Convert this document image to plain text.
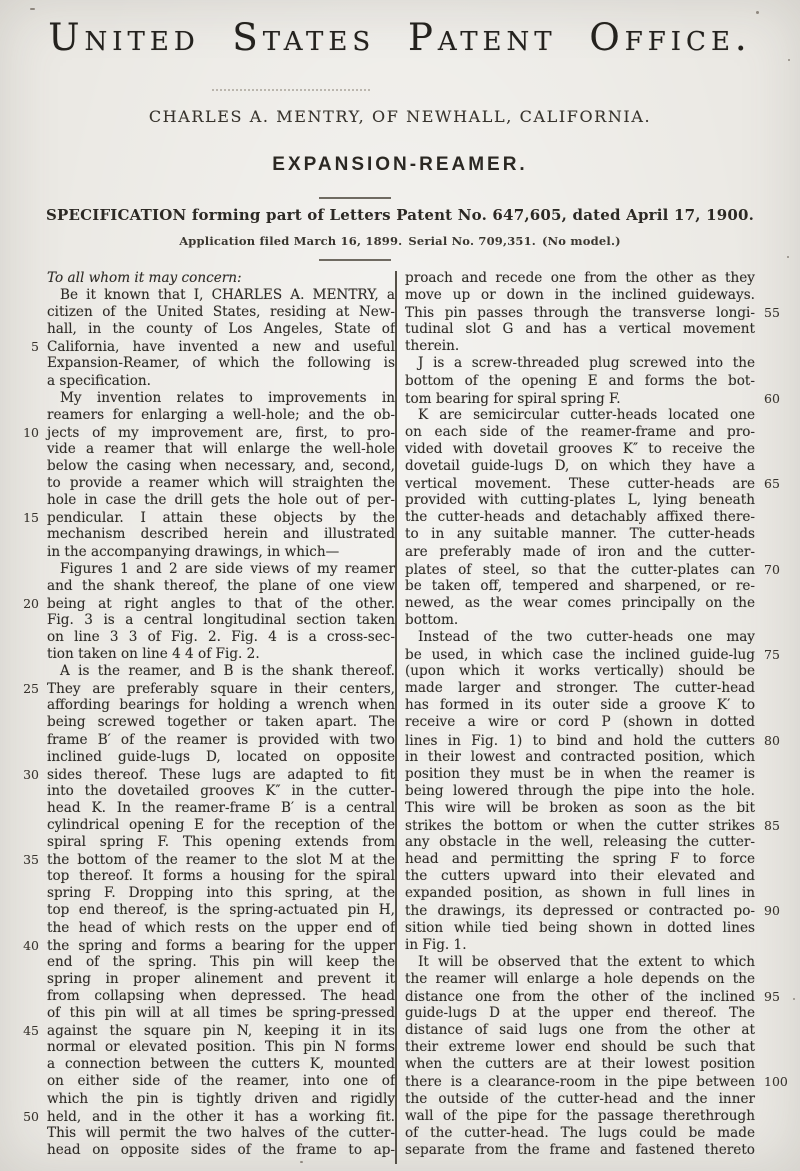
United States Patent Office.
CHARLES A. MENTRY, OF NEWHALL, CALIFORNIA.
EXPANSION-REAMER.
SPECIFICATION forming part of Letters Patent No. 647,605, dated April 17, 1900.
Application filed March 16, 1899. Serial No. 709,351. (No model.)
To all whom it may concern:
Be it known that I, CHARLES A. MENTRY, a
citizen of the United States, residing at New-
hall, in the county of Los Angeles, State of
5 California, have invented a new and useful
Expansion-Reamer, of which the following is
a specification.
My invention relates to improvements in
reamers for enlarging a well-hole; and the ob-
10 jects of my improvement are, first, to pro-
vide a reamer that will enlarge the well-hole
below the casing when necessary, and, second,
to provide a reamer which will straighten the
hole in case the drill gets the hole out of per-
15 pendicular. I attain these objects by the
mechanism described herein and illustrated
in the accompanying drawings, in which—
Figures 1 and 2 are side views of my reamer
and the shank thereof, the plane of one view
20 being at right angles to that of the other.
Fig. 3 is a central longitudinal section taken
on line 3 3 of Fig. 2. Fig. 4 is a cross-sec-
tion taken on line 4 4 of Fig. 2.
A is the reamer, and B is the shank thereof.
25 They are preferably square in their centers,
affording bearings for holding a wrench when
being screwed together or taken apart. The
frame B′ of the reamer is provided with two
inclined guide-lugs D, located on opposite
30 sides thereof. These lugs are adapted to fit
into the dovetailed grooves K″ in the cutter-
head K. In the reamer-frame B′ is a central
cylindrical opening E for the reception of the
spiral spring F. This opening extends from
35 the bottom of the reamer to the slot M at the
top thereof. It forms a housing for the spiral
spring F. Dropping into this spring, at the
top end thereof, is the spring-actuated pin H,
the head of which rests on the upper end of
40 the spring and forms a bearing for the upper
end of the spring. This pin will keep the
spring in proper alinement and prevent it
from collapsing when depressed. The head
of this pin will at all times be spring-pressed
45 against the square pin N, keeping it in its
normal or elevated position. This pin N forms
a connection between the cutters K, mounted
on either side of the reamer, into one of
which the pin is tightly driven and rigidly
50 held, and in the other it has a working fit.
This will permit the two halves of the cutter-
head on opposite sides of the frame to ap-
proach and recede one from the other as they
move up or down in the inclined guideways.
This pin passes through the transverse longi- 55
tudinal slot G and has a vertical movement
therein.
J is a screw-threaded plug screwed into the
bottom of the opening E and forms the bot-
tom bearing for spiral spring F.	60
K are semicircular cutter-heads located one
on each side of the reamer-frame and pro-
vided with dovetail grooves K″ to receive the
dovetail guide-lugs D, on which they have a
vertical movement. These cutter-heads are 65
provided with cutting-plates L, lying beneath
the cutter-heads and detachably affixed there-
to in any suitable manner. The cutter-heads
are preferably made of iron and the cutter-
plates of steel, so that the cutter-plates can 70
be taken off, tempered and sharpened, or re-
newed, as the wear comes principally on the
bottom.
Instead of the two cutter-heads one may
be used, in which case the inclined guide-lug 75
(upon which it works vertically) should be
made larger and stronger. The cutter-head
has formed in its outer side a groove K′ to
receive a wire or cord P (shown in dotted
lines in Fig. 1) to bind and hold the cutters 80
in their lowest and contracted position, which
position they must be in when the reamer is
being lowered through the pipe into the hole.
This wire will be broken as soon as the bit
strikes the bottom or when the cutter strikes 85
any obstacle in the well, releasing the cutter-
head and permitting the spring F to force
the cutters upward into their elevated and
expanded position, as shown in full lines in
the drawings, its depressed or contracted po- 90
sition while tied being shown in dotted lines
in Fig. 1.
It will be observed that the extent to which
the reamer will enlarge a hole depends on the
distance one from the other of the inclined 95
guide-lugs D at the upper end thereof. The
distance of said lugs one from the other at
their extreme lower end should be such that
when the cutters are at their lowest position
there is a clearance-room in the pipe between 100
the outside of the cutter-head and the inner
wall of the pipe for the passage therethrough
of the cutter-head. The lugs could be made
separate from the frame and fastened thereto
